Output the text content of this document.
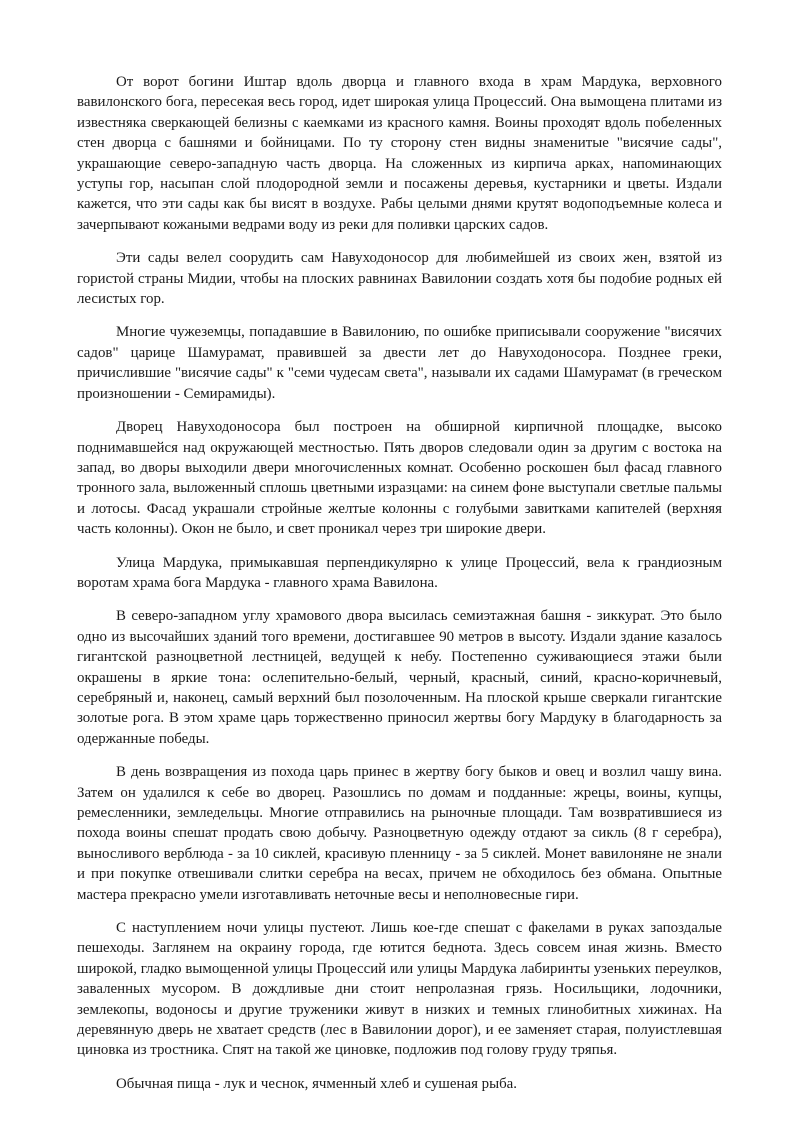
От ворот богини Иштар вдоль дворца и главного входа в храм Мардука, верховного вавилонского бога, пересекая весь город, идет широкая улица Процессий. Она вымощена плитами из известняка сверкающей белизны с каемками из красного камня. Воины проходят вдоль побеленных стен дворца с башнями и бойницами. По ту сторону стен видны знаменитые "висячие сады", украшающие северо-западную часть дворца. На сложенных из кирпича арках, напоминающих уступы гор, насыпан слой плодородной земли и посажены деревья, кустарники и цветы. Издали кажется, что эти сады как бы висят в воздухе. Рабы целыми днями крутят водоподъемные колеса и зачерпывают кожаными ведрами воду из реки для поливки царских садов.

Эти сады велел соорудить сам Навуходоносор для любимейшей из своих жен, взятой из гористой страны Мидии, чтобы на плоских равнинах Вавилонии создать хотя бы подобие родных ей лесистых гор.

Многие чужеземцы, попадавшие в Вавилонию, по ошибке приписывали сооружение "висячих садов" царице Шамурамат, правившей за двести лет до Навуходоносора. Позднее греки, причислившие "висячие сады" к "семи чудесам света", называли их садами Шамурамат (в греческом произношении - Семирамиды).

Дворец Навуходоносора был построен на обширной кирпичной площадке, высоко поднимавшейся над окружающей местностью. Пять дворов следовали один за другим с востока на запад, во дворы выходили двери многочисленных комнат. Особенно роскошен был фасад главного тронного зала, выложенный сплошь цветными изразцами: на синем фоне выступали светлые пальмы и лотосы. Фасад украшали стройные желтые колонны с голубыми завитками капителей (верхняя часть колонны). Окон не было, и свет проникал через три широкие двери.

Улица Мардука, примыкавшая перпендикулярно к улице Процессий, вела к грандиозным воротам храма бога Мардука - главного храма Вавилона.

В северо-западном углу храмового двора высилась семиэтажная башня - зиккурат. Это было одно из высочайших зданий того времени, достигавшее 90 метров в высоту. Издали здание казалось гигантской разноцветной лестницей, ведущей к небу. Постепенно суживающиеся этажи были окрашены в яркие тона: ослепительно-белый, черный, красный, синий, красно-коричневый, серебряный и, наконец, самый верхний был позолоченным. На плоской крыше сверкали гигантские золотые рога. В этом храме царь торжественно приносил жертвы богу Мардуку в благодарность за одержанные победы.

В день возвращения из похода царь принес в жертву богу быков и овец и возлил чашу вина. Затем он удалился к себе во дворец. Разошлись по домам и подданные: жрецы, воины, купцы, ремесленники, земледельцы. Многие отправились на рыночные площади. Там возвратившиеся из похода воины спешат продать свою добычу. Разноцветную одежду отдают за сикль (8 г серебра), выносливого верблюда - за 10 сиклей, красивую пленницу - за 5 сиклей. Монет вавилоняне не знали и при покупке отвешивали слитки серебра на весах, причем не обходилось без обмана. Опытные мастера прекрасно умели изготавливать неточные весы и неполновесные гири.

С наступлением ночи улицы пустеют. Лишь кое-где спешат с факелами в руках запоздалые пешеходы. Заглянем на окраину города, где ютится беднота. Здесь совсем иная жизнь. Вместо широкой, гладко вымощенной улицы Процессий или улицы Мардука лабиринты узеньких переулков, заваленных мусором. В дождливые дни стоит непролазная грязь. Носильщики, лодочники, землекопы, водоносы и другие труженики живут в низких и темных глинобитных хижинах. На деревянную дверь не хватает средств (лес в Вавилонии дорог), и ее заменяет старая, полуистлевшая циновка из тростника. Спят на такой же циновке, подложив под голову груду тряпья.

Обычная пища - лук и чеснок, ячменный хлеб и сушеная рыба.
